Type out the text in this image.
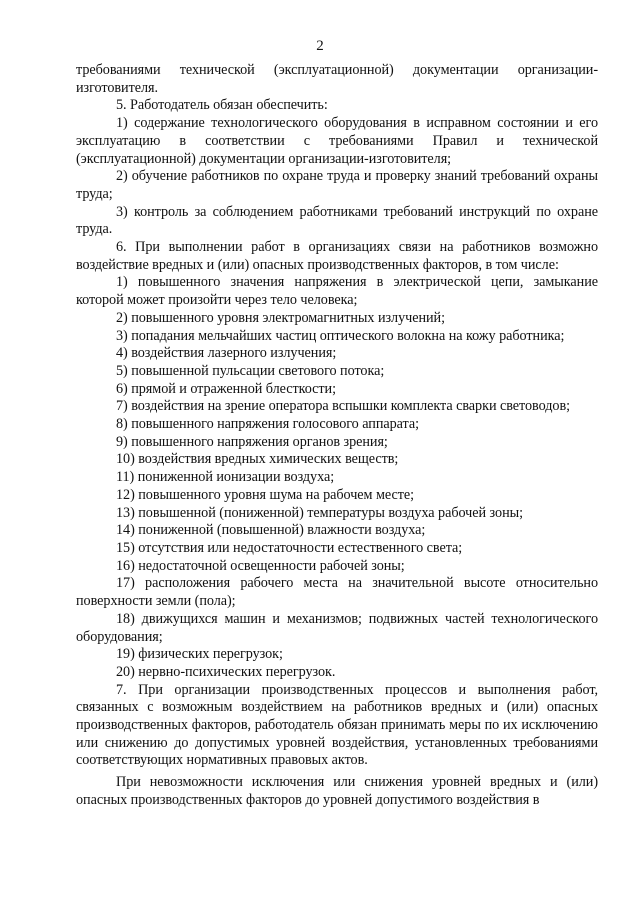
2

требованиями технической (эксплуатационной) документации организации-изготовителя.

5. Работодатель обязан обеспечить:

1) содержание технологического оборудования в исправном состоянии и его эксплуатацию в соответствии с требованиями Правил и технической (эксплуатационной) документации организации-изготовителя;

2) обучение работников по охране труда и проверку знаний требований охраны труда;

3) контроль за соблюдением работниками требований инструкций по охране труда.

6. При выполнении работ в организациях связи на работников возможно воздействие вредных и (или) опасных производственных факторов, в том числе:

1) повышенного значения напряжения в электрической цепи, замыкание которой может произойти через тело человека;

2) повышенного уровня электромагнитных излучений;

3) попадания мельчайших частиц оптического волокна на кожу работника;

4) воздействия лазерного излучения;

5) повышенной пульсации светового потока;

6) прямой и отраженной блесткости;

7) воздействия на зрение оператора вспышки комплекта сварки световодов;

8) повышенного напряжения голосового аппарата;

9) повышенного напряжения органов зрения;

10) воздействия вредных химических веществ;

11) пониженной ионизации воздуха;

12) повышенного уровня шума на рабочем месте;

13) повышенной (пониженной) температуры воздуха рабочей зоны;

14) пониженной (повышенной) влажности воздуха;

15) отсутствия или недостаточности естественного света;

16) недостаточной освещенности рабочей зоны;

17) расположения рабочего места на значительной высоте относительно поверхности земли (пола);

18) движущихся машин и механизмов; подвижных частей технологического оборудования;

19) физических перегрузок;

20) нервно-психических перегрузок.

7. При организации производственных процессов и выполнения работ, связанных с возможным воздействием на работников вредных и (или) опасных производственных факторов, работодатель обязан принимать меры по их исключению или снижению до допустимых уровней воздействия, установленных требованиями соответствующих нормативных правовых актов.

При невозможности исключения или снижения уровней вредных и (или) опасных производственных факторов до уровней допустимого воздействия в
